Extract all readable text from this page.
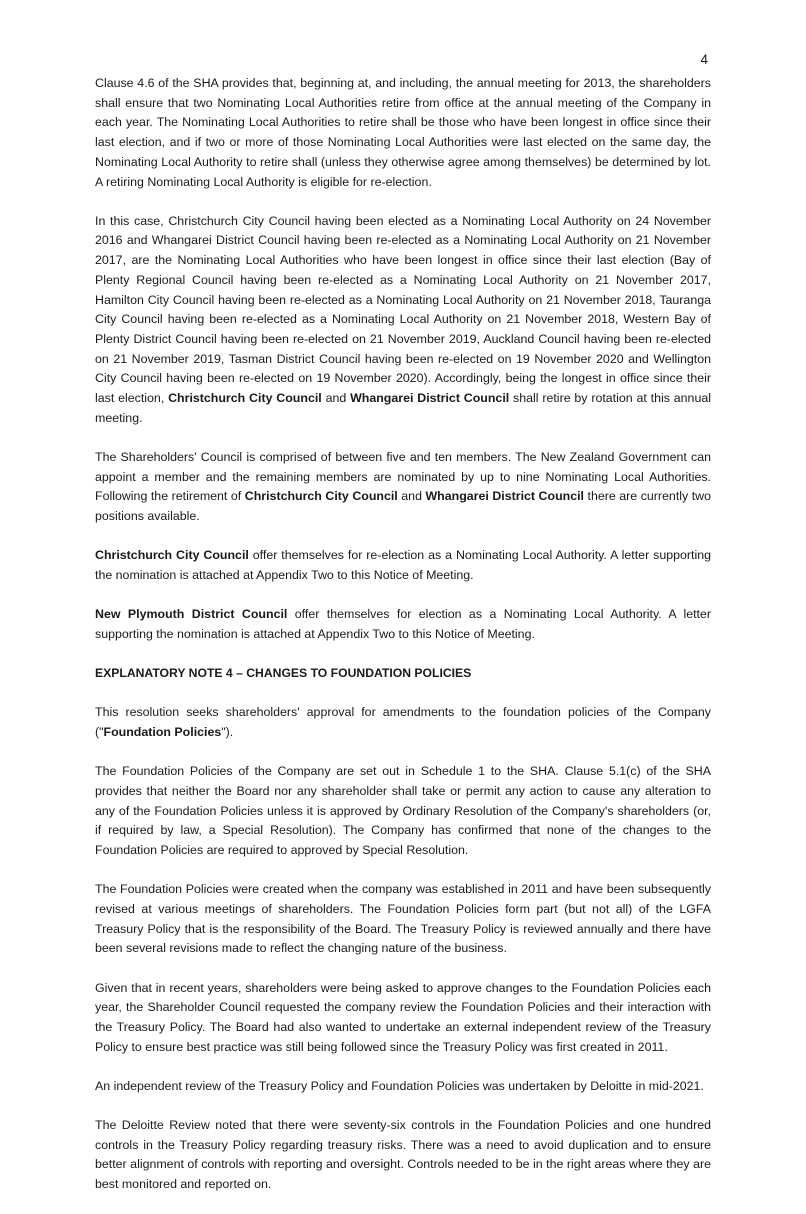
4

Clause 4.6 of the SHA provides that, beginning at, and including, the annual meeting for 2013, the shareholders shall ensure that two Nominating Local Authorities retire from office at the annual meeting of the Company in each year. The Nominating Local Authorities to retire shall be those who have been longest in office since their last election, and if two or more of those Nominating Local Authorities were last elected on the same day, the Nominating Local Authority to retire shall (unless they otherwise agree among themselves) be determined by lot. A retiring Nominating Local Authority is eligible for re-election.

In this case, Christchurch City Council having been elected as a Nominating Local Authority on 24 November 2016 and Whangarei District Council having been re-elected as a Nominating Local Authority on 21 November 2017, are the Nominating Local Authorities who have been longest in office since their last election (Bay of Plenty Regional Council having been re-elected as a Nominating Local Authority on 21 November 2017, Hamilton City Council having been re-elected as a Nominating Local Authority on 21 November 2018, Tauranga City Council having been re-elected as a Nominating Local Authority on 21 November 2018, Western Bay of Plenty District Council having been re-elected on 21 November 2019, Auckland Council having been re-elected on 21 November 2019, Tasman District Council having been re-elected on 19 November 2020 and Wellington City Council having been re-elected on 19 November 2020). Accordingly, being the longest in office since their last election, Christchurch City Council and Whangarei District Council shall retire by rotation at this annual meeting.

The Shareholders' Council is comprised of between five and ten members. The New Zealand Government can appoint a member and the remaining members are nominated by up to nine Nominating Local Authorities. Following the retirement of Christchurch City Council and Whangarei District Council there are currently two positions available.

Christchurch City Council offer themselves for re-election as a Nominating Local Authority. A letter supporting the nomination is attached at Appendix Two to this Notice of Meeting.

New Plymouth District Council offer themselves for election as a Nominating Local Authority. A letter supporting the nomination is attached at Appendix Two to this Notice of Meeting.

EXPLANATORY NOTE 4 – CHANGES TO FOUNDATION POLICIES

This resolution seeks shareholders' approval for amendments to the foundation policies of the Company ("Foundation Policies").

The Foundation Policies of the Company are set out in Schedule 1 to the SHA. Clause 5.1(c) of the SHA provides that neither the Board nor any shareholder shall take or permit any action to cause any alteration to any of the Foundation Policies unless it is approved by Ordinary Resolution of the Company's shareholders (or, if required by law, a Special Resolution). The Company has confirmed that none of the changes to the Foundation Policies are required to approved by Special Resolution.

The Foundation Policies were created when the company was established in 2011 and have been subsequently revised at various meetings of shareholders. The Foundation Policies form part (but not all) of the LGFA Treasury Policy that is the responsibility of the Board. The Treasury Policy is reviewed annually and there have been several revisions made to reflect the changing nature of the business.

Given that in recent years, shareholders were being asked to approve changes to the Foundation Policies each year, the Shareholder Council requested the company review the Foundation Policies and their interaction with the Treasury Policy. The Board had also wanted to undertake an external independent review of the Treasury Policy to ensure best practice was still being followed since the Treasury Policy was first created in 2011.

An independent review of the Treasury Policy and Foundation Policies was undertaken by Deloitte in mid-2021.

The Deloitte Review noted that there were seventy-six controls in the Foundation Policies and one hundred controls in the Treasury Policy regarding treasury risks. There was a need to avoid duplication and to ensure better alignment of controls with reporting and oversight. Controls needed to be in the right areas where they are best monitored and reported on.
